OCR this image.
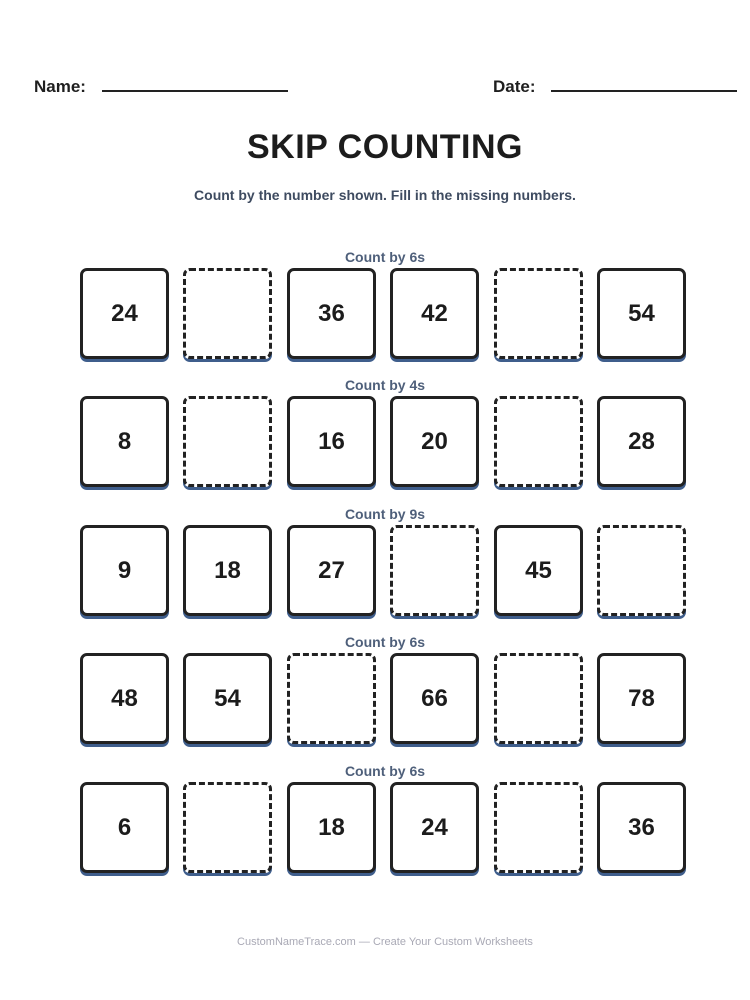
Name:	Date:
SKIP COUNTING
Count by the number shown. Fill in the missing numbers.
Count by 6s
24	36	42	54
Count by 4s
8	16	20	28
Count by 9s
9	18	27	45
Count by 6s
48	54	66	78
Count by 6s
6	18	24	36
CustomNameTrace.com — Create Your Custom Worksheets
